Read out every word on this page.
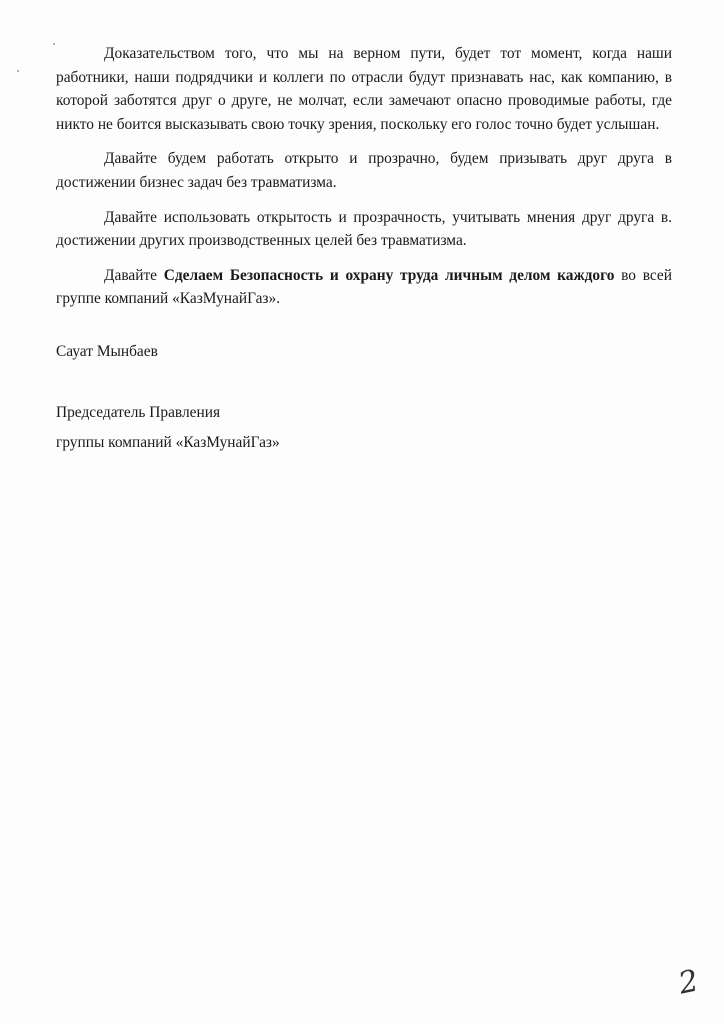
Доказательством того, что мы на верном пути, будет тот момент, когда наши работники, наши подрядчики и коллеги по отрасли будут признавать нас, как компанию, в которой заботятся друг о друге, не молчат, если замечают опасно проводимые работы, где никто не боится высказывать свою точку зрения, поскольку его голос точно будет услышан.

Давайте будем работать открыто и прозрачно, будем призывать друг друга в достижении бизнес задач без травматизма.

Давайте использовать открытость и прозрачность, учитывать мнения друг друга в.    достижении других производственных целей без травматизма.

Давайте Сделаем Безопасность и охрану труда личным делом каждого во всей группе компаний «КазМунайГаз».

Сауат Мынбаев

Председатель Правления
группы компаний «КазМунайГаз»

2
